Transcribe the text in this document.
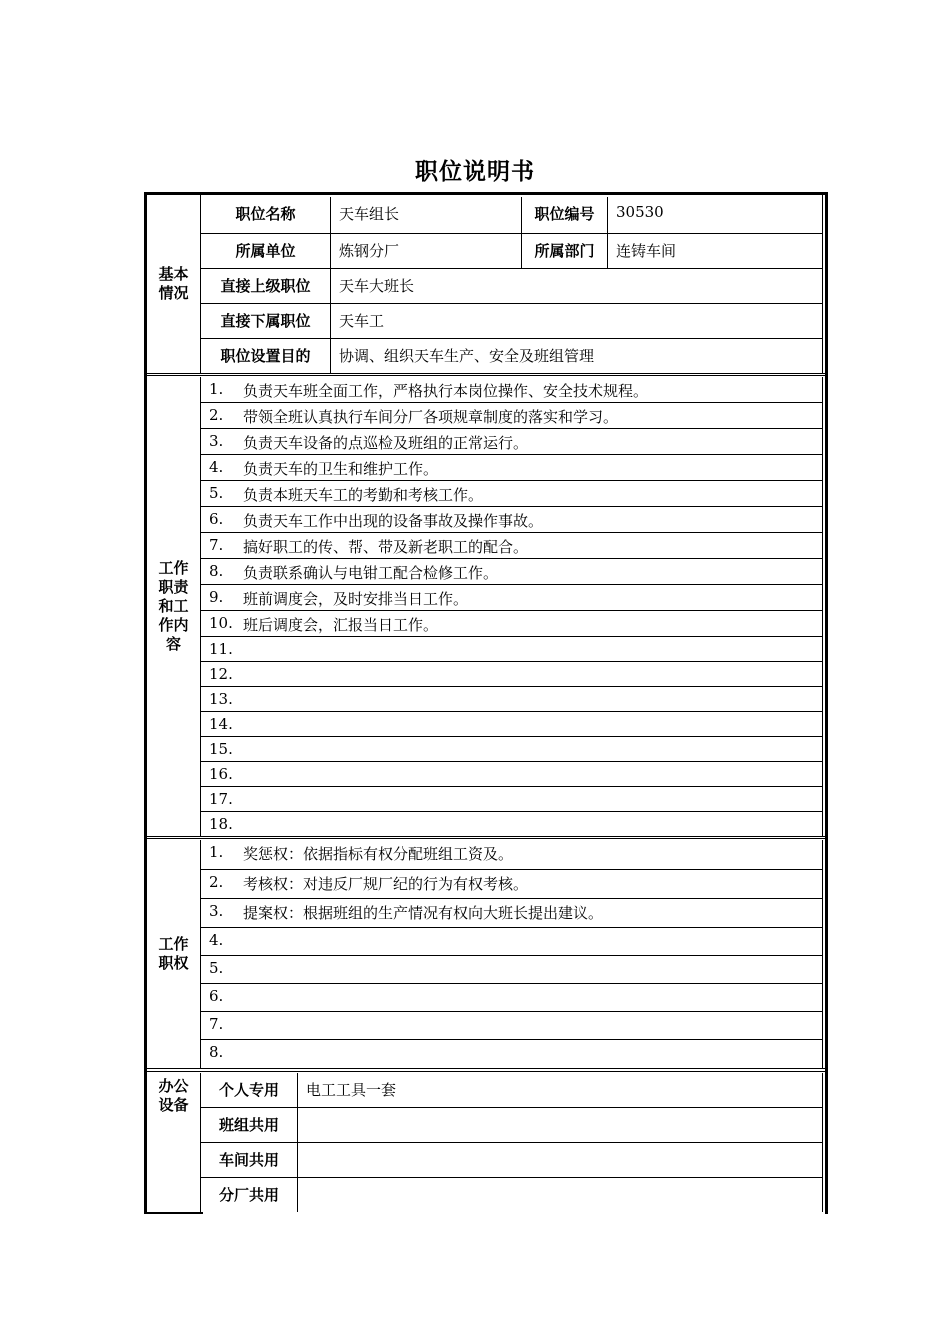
职位说明书
基本情况
职位名称	天车组长	职位编号	30530
所属单位	炼钢分厂	所属部门	连铸车间
直接上级职位	天车大班长
直接下属职位	天车工
职位设置目的	协调、组织天车生产、安全及班组管理
工作职责和工作内容
1.	负责天车班全面工作，严格执行本岗位操作、安全技术规程。
2.	带领全班认真执行车间分厂各项规章制度的落实和学习。
3.	负责天车设备的点巡检及班组的正常运行。
4.	负责天车的卫生和维护工作。
5.	负责本班天车工的考勤和考核工作。
6.	负责天车工作中出现的设备事故及操作事故。
7.	搞好职工的传、帮、带及新老职工的配合。
8.	负责联系确认与电钳工配合检修工作。
9.	班前调度会，及时安排当日工作。
10. 班后调度会，汇报当日工作。
11.
12.
13.
14.
15.
16.
17.
18.
工作职权
1.	奖惩权：依据指标有权分配班组工资及。
2.	考核权：对违反厂规厂纪的行为有权考核。
3.	提案权：根据班组的生产情况有权向大班长提出建议。
4.
5.
6.
7.
8.
办公设备
个人专用	电工工具一套
班组共用
车间共用
分厂共用
